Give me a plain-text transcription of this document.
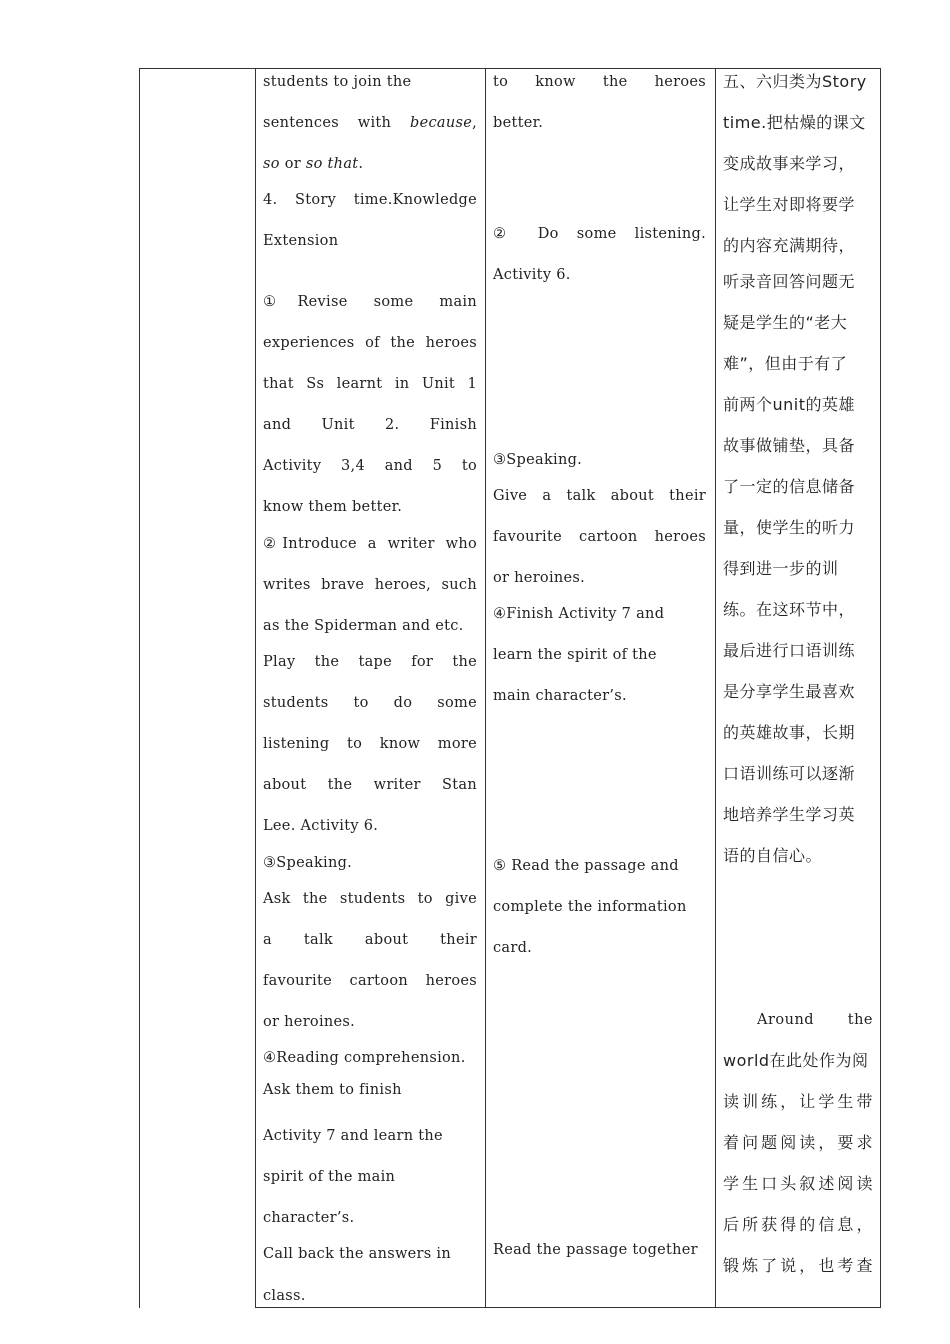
students to join the
sentences with because,
so or so that.
4. Story time.Knowledge
Extension
①Revise some main
experiences of the heroes
that Ss learnt in Unit 1
and Unit 2. Finish
Activity 3,4 and 5 to
know them better.
②Introduce a writer who
writes brave heroes, such
as the Spiderman and etc.
Play the tape for the
students to do some
listening to know more
about the writer Stan
Lee. Activity 6.
③Speaking.
Ask the students to give
a talk about their
favourite cartoon heroes
or heroines.
④Reading comprehension.
Ask them to finish
Activity 7 and learn the
spirit of the main
character’s.
Call back the answers in
class.
to know the heroes
better.
② Do some listening.
Activity 6.
③Speaking.
Give a talk about their
favourite cartoon heroes
or heroines.
④Finish Activity 7 and
learn the spirit of the
main character’s.
⑤ Read the passage and
complete the information
card.
Read the passage together
五、六归类为Story
time.把枯燥的课文
变成故事来学习，
让学生对即将要学
的内容充满期待，
听录音回答问题无
疑是学生的“老大
难”，但由于有了
前两个unit的英雄
故事做铺垫，具备
了一定的信息储备
量，使学生的听力
得到进一步的训
练。在这环节中，
最后进行口语训练
是分享学生最喜欢
的英雄故事，长期
口语训练可以逐渐
地培养学生学习英
语的自信心。
Around the
world在此处作为阅
读训练，让学生带
着问题阅读，要求
学生口头叙述阅读
后所获得的信息，
锻炼了说，也考查
